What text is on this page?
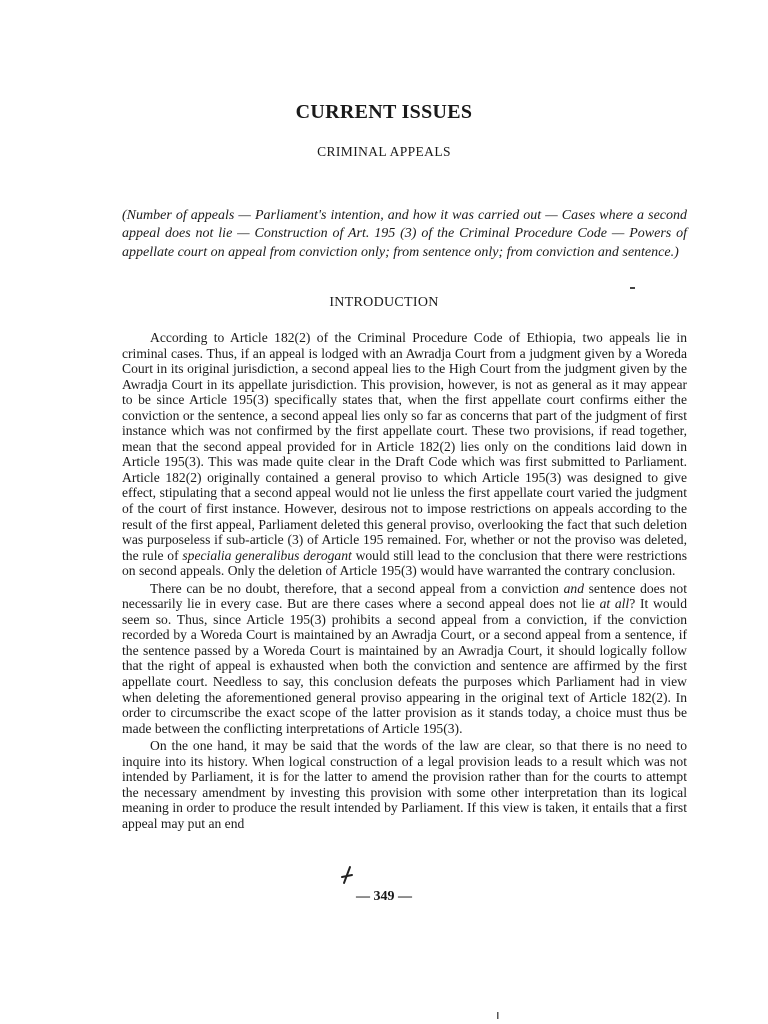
CURRENT ISSUES
CRIMINAL APPEALS
(Number of appeals — Parliament's intention, and how it was carried out — Cases where a second appeal does not lie — Construction of Art. 195 (3) of the Criminal Procedure Code — Powers of appellate court on appeal from conviction only; from sentence only; from conviction and sentence.)
INTRODUCTION

According to Article 182(2) of the Criminal Procedure Code of Ethiopia, two appeals lie in criminal cases. Thus, if an appeal is lodged with an Awradja Court from a judgment given by a Woreda Court in its original jurisdiction, a second appeal lies to the High Court from the judgment given by the Awradja Court in its appellate jurisdiction. This provision, however, is not as general as it may appear to be since Article 195(3) specifically states that, when the first appellate court confirms either the conviction or the sentence, a second appeal lies only so far as concerns that part of the judgment of first instance which was not confirmed by the first appellate court. These two provisions, if read together, mean that the second appeal provided for in Article 182(2) lies only on the conditions laid down in Article 195(3). This was made quite clear in the Draft Code which was first submitted to Parliament. Article 182(2) originally contained a general proviso to which Article 195(3) was designed to give effect, stipulating that a second appeal would not lie unless the first appellate court varied the judgment of the court of first instance. However, desirous not to impose restrictions on appeals according to the result of the first appeal, Parliament deleted this general proviso, overlooking the fact that such deletion was purposeless if sub-article (3) of Article 195 remained. For, whether or not the proviso was deleted, the rule of specialia generalibus derogant would still lead to the conclusion that there were restrictions on second appeals. Only the deletion of Article 195(3) would have warranted the contrary conclusion.

There can be no doubt, therefore, that a second appeal from a conviction and sentence does not necessarily lie in every case. But are there cases where a second appeal does not lie at all? It would seem so. Thus, since Article 195(3) prohibits a second appeal from a conviction, if the conviction recorded by a Woreda Court is maintained by an Awradja Court, or a second appeal from a sentence, if the sentence passed by a Woreda Court is maintained by an Awradja Court, it should logically follow that the right of appeal is exhausted when both the conviction and sentence are affirmed by the first appellate court. Needless to say, this conclusion defeats the purposes which Parliament had in view when deleting the aforementioned general proviso appearing in the original text of Article 182(2). In order to circumscribe the exact scope of the latter provision as it stands today, a choice must thus be made between the conflicting interpretations of Article 195(3).

On the one hand, it may be said that the words of the law are clear, so that there is no need to inquire into its history. When logical construction of a legal provision leads to a result which was not intended by Parliament, it is for the latter to amend the provision rather than for the courts to attempt the necessary amendment by investing this provision with some other interpretation than its logical meaning in order to produce the result intended by Parliament. If this view is taken, it entails that a first appeal may put an end

— 349 —
